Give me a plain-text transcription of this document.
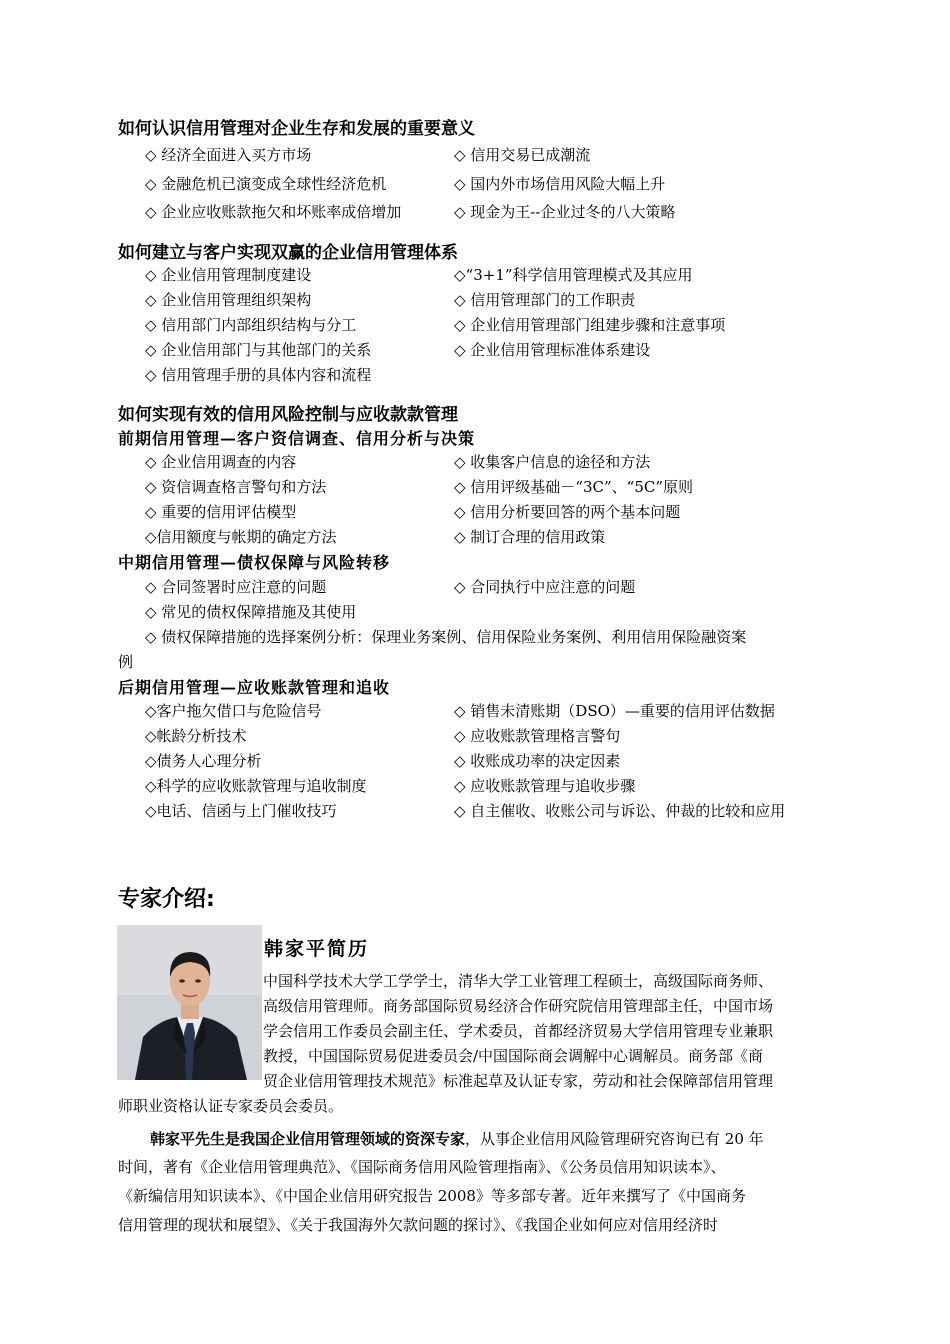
如何认识信用管理对企业生存和发展的重要意义
◇ 经济全面进入买方市场	◇ 信用交易已成潮流
◇ 金融危机已演变成全球性经济危机	◇ 国内外市场信用风险大幅上升
◇ 企业应收账款拖欠和坏账率成倍增加	◇ 现金为王--企业过冬的八大策略
如何建立与客户实现双赢的企业信用管理体系
◇ 企业信用管理制度建设	◇“3+1”科学信用管理模式及其应用
◇ 企业信用管理组织架构	◇ 信用管理部门的工作职责
◇ 信用部门内部组织结构与分工	◇ 企业信用管理部门组建步骤和注意事项
◇ 企业信用部门与其他部门的关系	◇ 企业信用管理标准体系建设
◇ 信用管理手册的具体内容和流程
如何实现有效的信用风险控制与应收款款管理
前期信用管理—客户资信调查、信用分析与决策
◇ 企业信用调查的内容	◇ 收集客户信息的途径和方法
◇ 资信调查格言警句和方法	◇ 信用评级基础－“3C”、“5C”原则
◇ 重要的信用评估模型	◇ 信用分析要回答的两个基本问题
◇信用额度与帐期的确定方法	◇ 制订合理的信用政策
中期信用管理—债权保障与风险转移
◇ 合同签署时应注意的问题	◇ 合同执行中应注意的问题
◇ 常见的债权保障措施及其使用
◇ 债权保障措施的选择案例分析：保理业务案例、信用保险业务案例、利用信用保险融资案
例
后期信用管理—应收账款管理和追收
◇客户拖欠借口与危险信号	◇ 销售未清账期（DSO）—重要的信用评估数据
◇帐龄分析技术	◇ 应收账款管理格言警句
◇债务人心理分析	◇ 收账成功率的决定因素
◇科学的应收账款管理与追收制度	◇ 应收账款管理与追收步骤
◇电话、信函与上门催收技巧	◇ 自主催收、收账公司与诉讼、仲裁的比较和应用
专家介绍:
韩家平简历
中国科学技术大学工学学士，清华大学工业管理工程硕士，高级国际商务师、
高级信用管理师。商务部国际贸易经济合作研究院信用管理部主任，中国市场
学会信用工作委员会副主任、学术委员，首都经济贸易大学信用管理专业兼职
教授，中国国际贸易促进委员会/中国国际商会调解中心调解员。商务部《商
贸企业信用管理技术规范》标准起草及认证专家，劳动和社会保障部信用管理
师职业资格认证专家委员会委员。
韩家平先生是我国企业信用管理领域的资深专家，从事企业信用风险管理研究咨询已有 20 年
时间，著有《企业信用管理典范》、《国际商务信用风险管理指南》、《公务员信用知识读本》、
《新编信用知识读本》、《中国企业信用研究报告 2008》等多部专著。近年来撰写了《中国商务
信用管理的现状和展望》、《关于我国海外欠款问题的探讨》、《我国企业如何应对信用经济时
